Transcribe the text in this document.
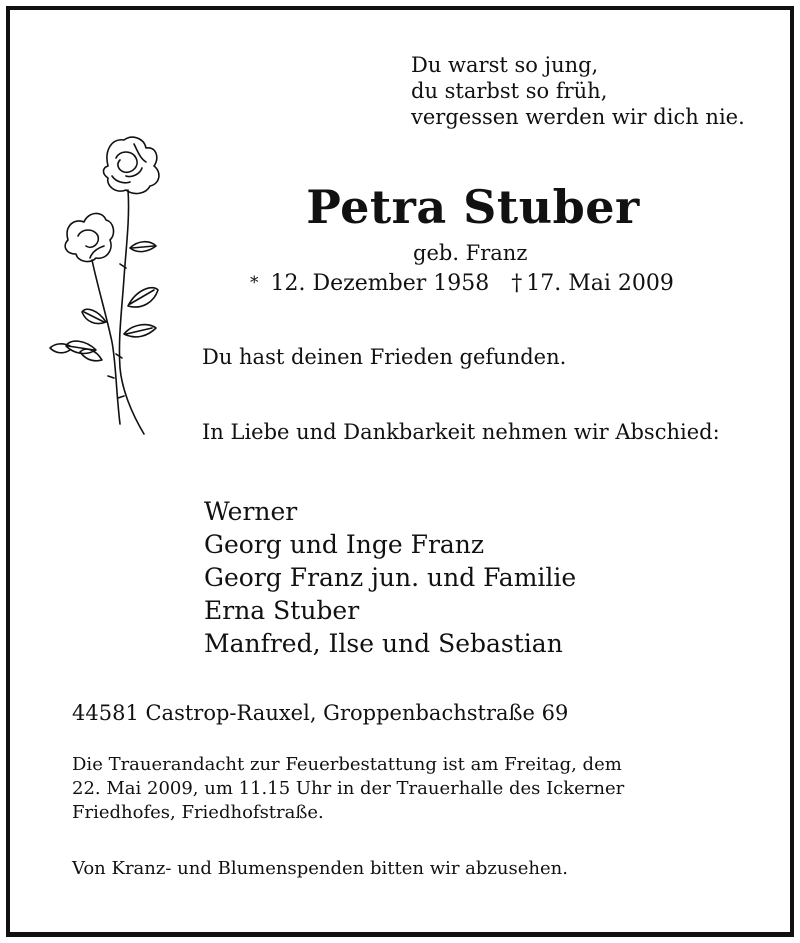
Du warst so jung,
du starbst so früh,
vergessen werden wir dich nie.
Petra Stuber
geb. Franz
* 12. Dezember 1958 † 17. Mai 2009
Du hast deinen Frieden gefunden.
In Liebe und Dankbarkeit nehmen wir Abschied:
Werner
Georg und Inge Franz
Georg Franz jun. und Familie
Erna Stuber
Manfred, Ilse und Sebastian
44581 Castrop-Rauxel, Groppenbachstraße 69
Die Trauerandacht zur Feuerbestattung ist am Freitag, dem
22. Mai 2009, um 11.15 Uhr in der Trauerhalle des Ickerner
Friedhofes, Friedhofstraße.
Von Kranz- und Blumenspenden bitten wir abzusehen.
